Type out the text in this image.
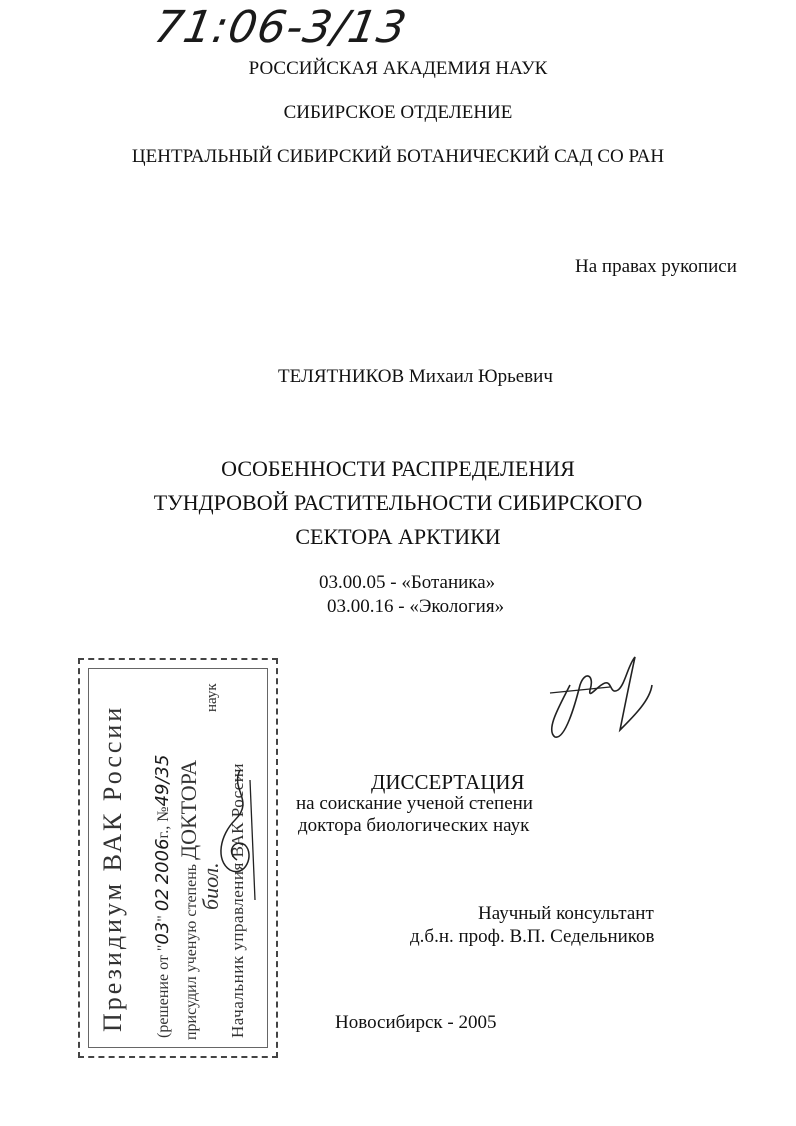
71:06-3/13
РОССИЙСКАЯ АКАДЕМИЯ НАУК
СИБИРСКОЕ ОТДЕЛЕНИЕ
ЦЕНТРАЛЬНЫЙ СИБИРСКИЙ БОТАНИЧЕСКИЙ САД СО РАН
На правах рукописи
ТЕЛЯТНИКОВ Михаил Юрьевич
ОСОБЕННОСТИ РАСПРЕДЕЛЕНИЯ
ТУНДРОВОЙ РАСТИТЕЛЬНОСТИ СИБИРСКОГО
СЕКТОРА АРКТИКИ
03.00.05 - «Ботаника»
03.00.16 - «Экология»
ДИССЕРТАЦИЯ
на соискание ученой степени
доктора биологических наук
Научный консультант
д.б.н. проф. В.П. Седельников
Новосибирск - 2005
Президиум ВАК России (решение от "03" 02 2006г., №49/35
присудил ученую степень ДОКТОРА
биол.
наук
Начальник управления ВАК России
